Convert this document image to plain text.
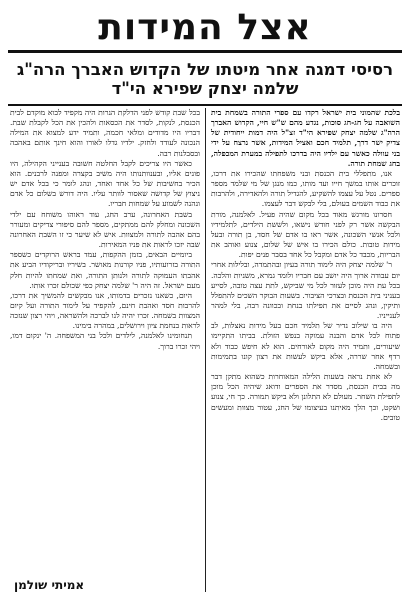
אצל המידות
רסיסי דמגה אחר מיטתו של הקדוש האברך הרה"ג שלמה יצחק שפירא הי"ד

בלכת שהמוני בית ישראל רקדו עם ספרי התורה בשמחת בית השואבה על חג-חג סוכות, נגדע מהם ש"ש חיי, הקדוש האברך הרה"ג שלמה יצחק שפירא הי"ד זצ"ל היה דמות ייחודית של צדיק ישר דרך, תלמיד חכם ואציל המידות, אשר נרצח על ידי בני עוולה כאשר עם ילדיו היה בדרכו לתפילה במערת המכפלה, בחג שמחת תורה.

אנו, מתפללי בית הכנסת ובני משפחתו שהכירו את דרכו, זוכרים אותו במשך חייו ועד מותו, כמו מנגן של מי שלמד מספר ספרים. נטל על עצמו להשקיע, להגדיל תורה ולהאדירה, ולהרבות את כבוד השמים בעולם, בלי לבקש דבר לעצמו.

חסרונו מורגש מאוד בכל מקום שהיה פעיל. לאלמנה, מורת הבקשה אשר רק לפני חודש נישאו, ולששת הילדים, לתלמידיו ולכל אנשי השכונה, אשר ראו בו אדם של חסד, בן תורה ובעל מידות טובות. כולם הכירו בו איש של שלום, צנוע ואוהב את הבריות, מכבד כל אדם ומקבל כל אחד בסבר פנים יפות.

ר' שלמה יצחק היה לימוד תורה בעיון ובהתמדה, ובלילות אחרי יום עבודה ארוך היה יושב עם חבריו ולומד גמרא, משניות והלכה. בכל עת היה מוכן לעזור לכל מי שביקש, לתת עצה טובה, לסייע בעניני בית הכנסת ובצרכי הציבור. בשעות הבוקר השכים להתפלל ותיקין, ונהג לסיים את תפילתו בנחת ובכוונה רבה, בלי למהר לענייניו.

היה בו שילוב נדיר של תלמיד חכם בעל מידות נאצלות, לב פתוח לכל אדם והבנה עמוקה בנפש הזולת. בביתו התקיימו שיעורים, ותמיד היה מקום לאורחים. הוא לא חיפש כבוד ולא רדף אחר שררה, אלא ביקש לעשות את רצון קונו בתמימות ובשמחה.

לא אחת נראה בשעות הלילה המאוחרות כשהוא מתקן דבר מה בבית הכנסת, מסדר את הספרים ודואג שיהיה הכל מוכן לתפילת השחר. מעולם לא התלונן ולא ביקש תמורה. כך חי, צנוע ושקט, וכך הלך מאיתנו בעיצומו של החג, עטור מצוות ומעשים טובים.

בכל שבת קודש לפני הדלקת הנרות היה מקפיד לבוא מוקדם לבית הכנסת, לנקות, לסדר את הכסאות ולהכין את הכל לקבלת שבת. דבריו היו מדודים ומלאי חכמה, ותמיד ידע למצוא את המילה הנכונה לעודד ולחזק. ילדיו גדלו לאורו והוא חינך אותם באהבה ובסבלנות רבה.

כאשר היו צריכים לקבל החלטה חשובה בענייני הקהילה, היו פונים אליו, ובענוותנותו היה משיב בקצרה ומפנה לרבנים. הוא הכיר בחשיבות של כל אחד ואחד, ונהג לומר כי בכל אדם יש ניצוץ של קדושה שאסור לוותר עליו. היה דורש בשלום כל אדם ונהנה לשמוע על שמחות חבריו.

בשבת האחרונה, ערב החג, עוד ראוהו משוחח עם ילדי השכונה ומחלק להם ממתקים, מספר להם סיפורי צדיקים ומעורר בהם אהבה לתורה ולמצוות. איש לא שיער כי זו השבת האחרונה שבה יזכו לראות את פניו המאירות.

ביומיים הבאים, בזמן ההקפות, עמד בראש הרוקדים כשספר התורה בזרועותיו, פניו קורנות מאושר. בשיריו ובריקודיו הביע את אהבתו העמוקה לתורה ולנותן התורה, ואת שמחתו להיות חלק מעם ישראל. זה היה ר' שלמה יצחק כפי שכולם זכרו אותו.

היום, כשאנו נזכרים בדמותו, אנו מבקשים להמשיך את דרכו, להרבות חסד ואהבת חינם, להקפיד על לימוד התורה ועל קיום המצוות בשמחה. זכרו יהיה לנו לברכה ולהשראה, ויהי רצון שנזכה לראות בנחמת ציון וירושלים, במהרה בימינו.

תנחומינו לאלמנה, לילדים ולכל בני המשפחה. ה' ינקום דמו, ויהי זכרו ברוך.

אמיתי שולמן
